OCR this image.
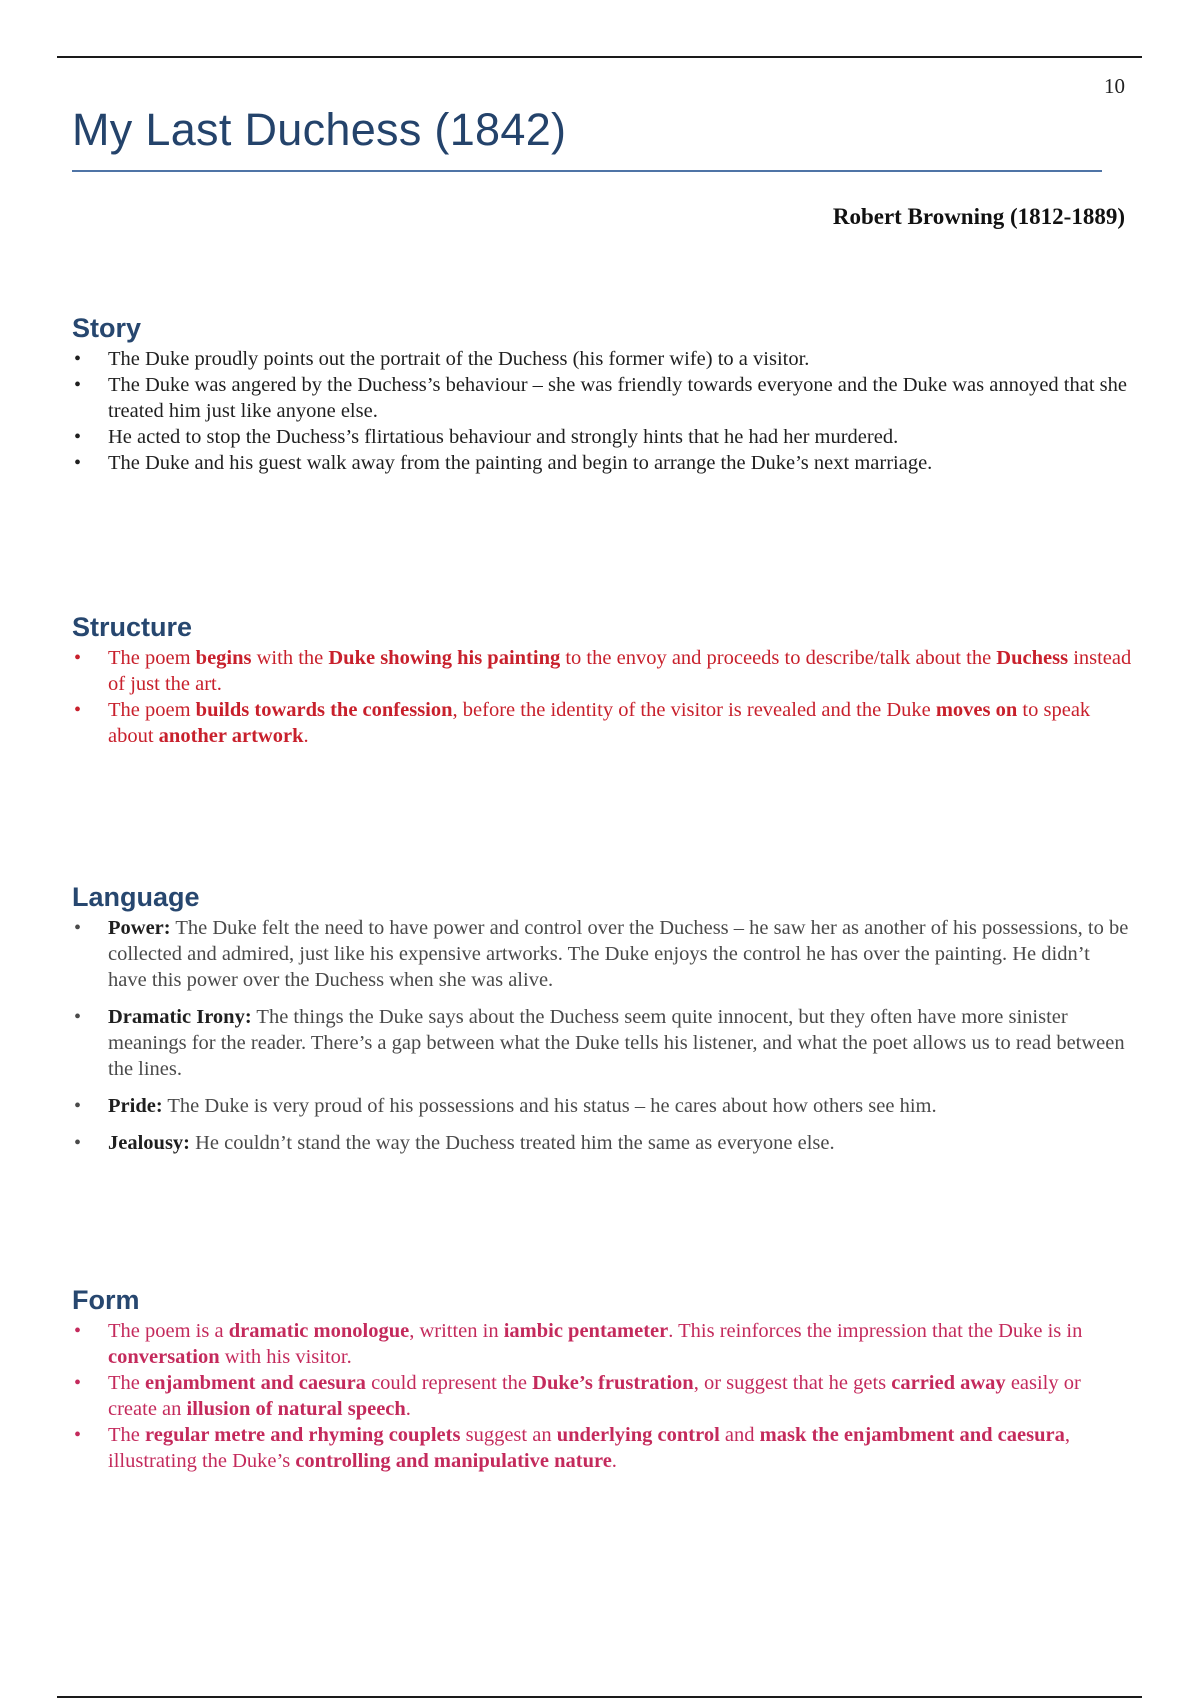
10
My Last Duchess (1842)
Robert Browning (1812-1889)
Story
• The Duke proudly points out the portrait of the Duchess (his former wife) to a visitor.
• The Duke was angered by the Duchess’s behaviour – she was friendly towards everyone and the Duke was annoyed that she treated him just like anyone else.
• He acted to stop the Duchess’s flirtatious behaviour and strongly hints that he had her murdered.
• The Duke and his guest walk away from the painting and begin to arrange the Duke’s next marriage.
Structure
• The poem begins with the Duke showing his painting to the envoy and proceeds to describe/talk about the Duchess instead of just the art.
• The poem builds towards the confession, before the identity of the visitor is revealed and the Duke moves on to speak about another artwork.
Language
• Power: The Duke felt the need to have power and control over the Duchess – he saw her as another of his possessions, to be collected and admired, just like his expensive artworks. The Duke enjoys the control he has over the painting. He didn’t have this power over the Duchess when she was alive.
• Dramatic Irony: The things the Duke says about the Duchess seem quite innocent, but they often have more sinister meanings for the reader. There’s a gap between what the Duke tells his listener, and what the poet allows us to read between the lines.
• Pride: The Duke is very proud of his possessions and his status – he cares about how others see him.
• Jealousy: He couldn’t stand the way the Duchess treated him the same as everyone else.
Form
• The poem is a dramatic monologue, written in iambic pentameter. This reinforces the impression that the Duke is in conversation with his visitor.
• The enjambment and caesura could represent the Duke’s frustration, or suggest that he gets carried away easily or create an illusion of natural speech.
• The regular metre and rhyming couplets suggest an underlying control and mask the enjambment and caesura, illustrating the Duke’s controlling and manipulative nature.
